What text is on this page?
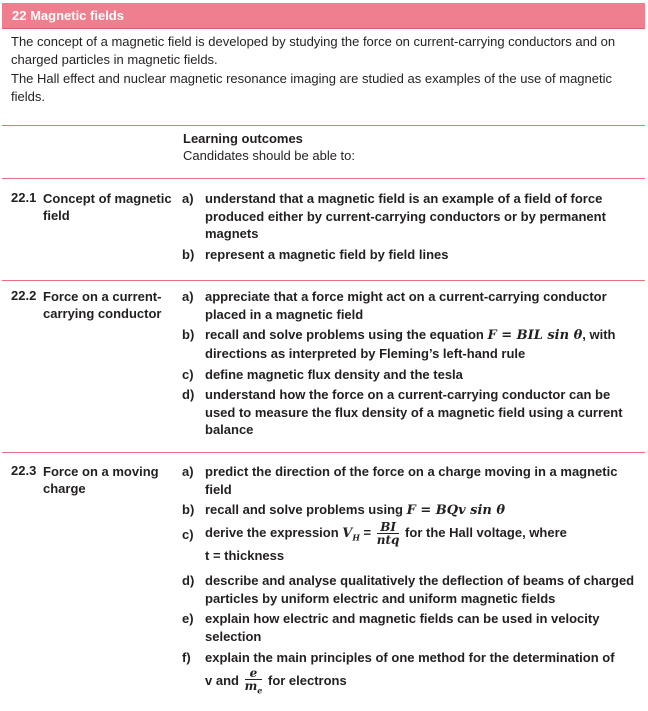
22 Magnetic fields
The concept of a magnetic field is developed by studying the force on current-carrying conductors and on charged particles in magnetic fields.
The Hall effect and nuclear magnetic resonance imaging are studied as examples of the use of magnetic fields.
Learning outcomes
Candidates should be able to:
22.1 Concept of magnetic field
a) understand that a magnetic field is an example of a field of force produced either by current-carrying conductors or by permanent magnets
b) represent a magnetic field by field lines
22.2 Force on a current-carrying conductor
a) appreciate that a force might act on a current-carrying conductor placed in a magnetic field
b) recall and solve problems using the equation F = BIL sin θ, with directions as interpreted by Fleming’s left-hand rule
c) define magnetic flux density and the tesla
d) understand how the force on a current-carrying conductor can be used to measure the flux density of a magnetic field using a current balance
22.3 Force on a moving charge
a) predict the direction of the force on a charge moving in a magnetic field
b) recall and solve problems using F = BQv sin θ
c) derive the expression $V_H = \frac{BI}{\text{ntq}}$ for the Hall voltage, where
t = thickness
d) describe and analyse qualitatively the deflection of beams of charged particles by uniform electric and uniform magnetic fields
e) explain how electric and magnetic fields can be used in velocity selection
f) explain the main principles of one method for the determination of
v and $\frac{e}{m_e}$ for electrons
